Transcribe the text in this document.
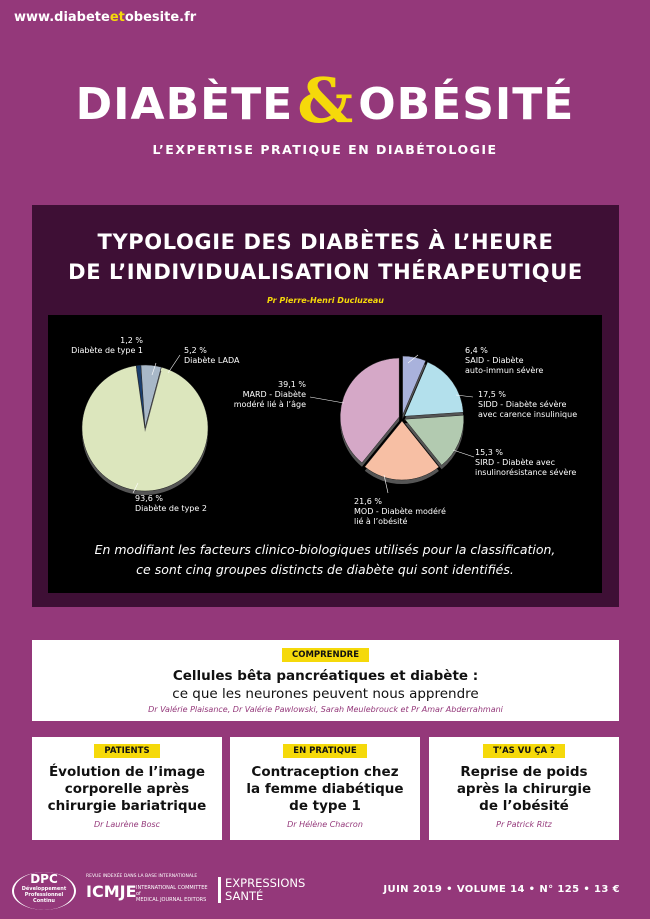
www.diabeteetobesite.fr
DIABÈTE & OBÉSITÉ
L’EXPERTISE PRATIQUE EN DIABÉTOLOGIE
TYPOLOGIE DES DIABÈTES À L’HEURE
DE L’INDIVIDUALISATION THÉRAPEUTIQUE
Pr Pierre-Henri Ducluzeau
1,2 %
Diabète de type 1	5,2 %
Diabète LADA
93,6 %
Diabète de type 2
6,4 %
SAID - Diabète
auto-immun sévère
17,5 %
SIDD - Diabète sévère
avec carence insulinique
15,3 %
SIRD - Diabète avec
insulinorésistance sévère
21,6 %
MOD - Diabète modéré
lié à l’obésité
39,1 %
MARD - Diabète
modéré lié à l’âge
En modifiant les facteurs clinico-biologiques utilisés pour la classification,
ce sont cinq groupes distincts de diabète qui sont identifiés.
COMPRENDRE
Cellules bêta pancréatiques et diabète :
ce que les neurones peuvent nous apprendre
Dr Valérie Plaisance, Dr Valérie Pawlowski, Sarah Meulebrouck et Pr Amar Abderrahmani
PATIENTS
Évolution de l’image
corporelle après
chirurgie bariatrique
Dr Laurène Bosc
EN PRATIQUE
Contraception chez
la femme diabétique
de type 1
Dr Hélène Chacron
T’AS VU ÇA ?
Reprise de poids
après la chirurgie
de l’obésité
Pr Patrick Ritz
DPC
Développement
Professionnel
Continu
REVUE INDEXÉE DANS LA BASE INTERNATIONALE
ICMJE INTERNATIONAL COMMITTEE of
MEDICAL JOURNAL EDITORS
EXPRESSIONS
SANTÉ	JUIN 2019 • VOLUME 14 • N° 125 • 13 €
